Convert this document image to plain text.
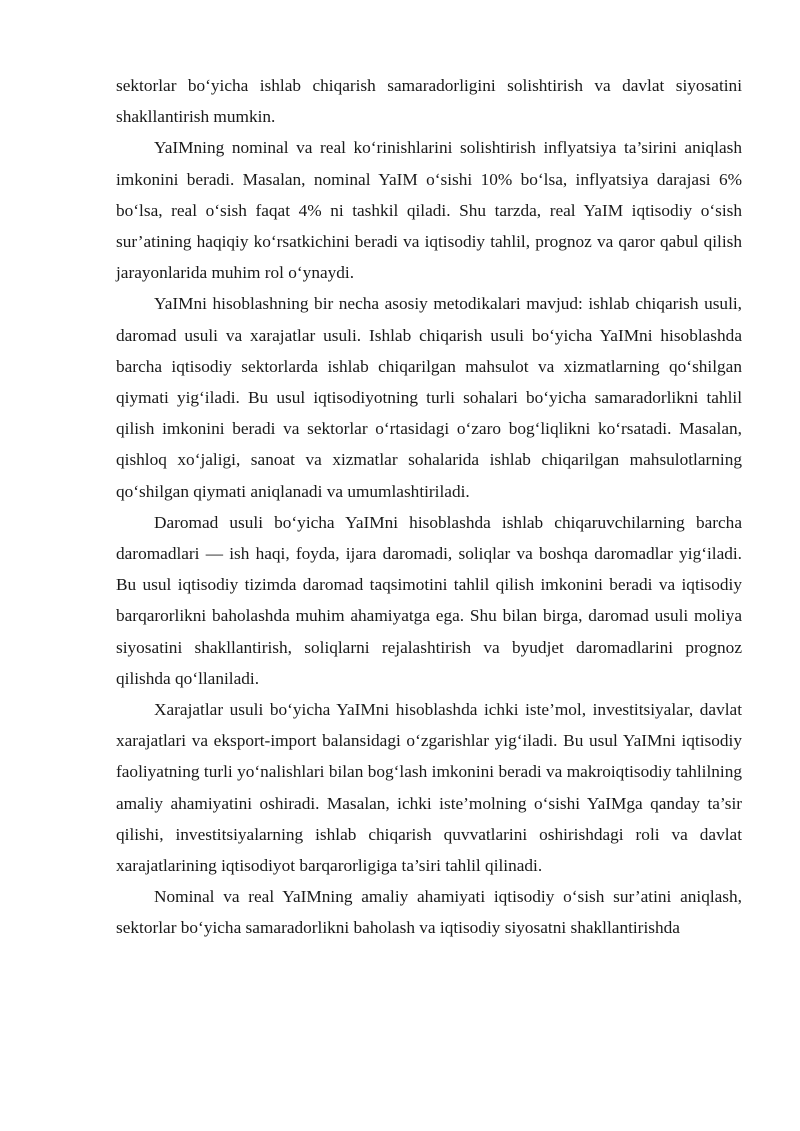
sektorlar bo‘yicha ishlab chiqarish samaradorligini solishtirish va davlat siyosatini shakllantirish mumkin.

YaIMning nominal va real ko‘rinishlarini solishtirish inflyatsiya ta’sirini aniqlash imkonini beradi. Masalan, nominal YaIM o‘sishi 10% bo‘lsa, inflyatsiya darajasi 6% bo‘lsa, real o‘sish faqat 4% ni tashkil qiladi. Shu tarzda, real YaIM iqtisodiy o‘sish sur’atining haqiqiy ko‘rsatkichini beradi va iqtisodiy tahlil, prognoz va qaror qabul qilish jarayonlarida muhim rol o‘ynaydi.

YaIMni hisoblashning bir necha asosiy metodikalari mavjud: ishlab chiqarish usuli, daromad usuli va xarajatlar usuli. Ishlab chiqarish usuli bo‘yicha YaIMni hisoblashda barcha iqtisodiy sektorlarda ishlab chiqarilgan mahsulot va xizmatlarning qo‘shilgan qiymati yig‘iladi. Bu usul iqtisodiyotning turli sohalari bo‘yicha samaradorlikni tahlil qilish imkonini beradi va sektorlar o‘rtasidagi o‘zaro bog‘liqlikni ko‘rsatadi. Masalan, qishloq xo‘jaligi, sanoat va xizmatlar sohalarida ishlab chiqarilgan mahsulotlarning qo‘shilgan qiymati aniqlanadi va umumlashtiriladi.

Daromad usuli bo‘yicha YaIMni hisoblashda ishlab chiqaruvchilarning barcha daromadlari — ish haqi, foyda, ijara daromadi, soliqlar va boshqa daromadlar yig‘iladi. Bu usul iqtisodiy tizimda daromad taqsimotini tahlil qilish imkonini beradi va iqtisodiy barqarorlikni baholashda muhim ahamiyatga ega. Shu bilan birga, daromad usuli moliya siyosatini shakllantirish, soliqlarni rejalashtirish va byudjet daromadlarini prognoz qilishda qo‘llaniladi.

Xarajatlar usuli bo‘yicha YaIMni hisoblashda ichki iste’mol, investitsiyalar, davlat xarajatlari va eksport-import balansidagi o‘zgarishlar yig‘iladi. Bu usul YaIMni iqtisodiy faoliyatning turli yo‘nalishlari bilan bog‘lash imkonini beradi va makroiqtisodiy tahlilning amaliy ahamiyatini oshiradi. Masalan, ichki iste’molning o‘sishi YaIMga qanday ta’sir qilishi, investitsiyalarning ishlab chiqarish quvvatlarini oshirishdagi roli va davlat xarajatlarining iqtisodiyot barqarorligiga ta’siri tahlil qilinadi.

Nominal va real YaIMning amaliy ahamiyati iqtisodiy o‘sish sur’atini aniqlash, sektorlar bo‘yicha samaradorlikni baholash va iqtisodiy siyosatni shakllantirishda
